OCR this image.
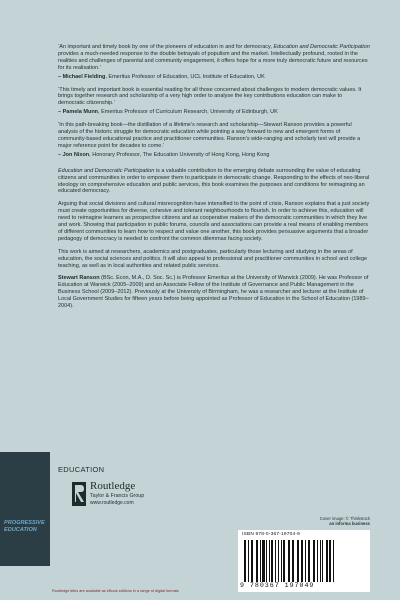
‘An important and timely book by one of the pioneers of education in and for democracy, Education and Democratic Participation provides a much-needed response to the double betrayals of populism and the market. Intellectually profound, rooted in the realities and challenges of parental and community engagement, it offers hope for a more truly democratic future and resources for its realisation.’

– Michael Fielding, Emeritus Professor of Education, UCL Institute of Education, UK

‘This timely and important book is essential reading for all those concerned about challenges to modern democratic values. It brings together research and scholarship of a very high order to analyse the key contributions education can make to democratic citizenship.’

– Pamela Munn, Emeritus Professor of Curriculum Research, University of Edinburgh, UK

‘In this path-breaking book—the distillation of a lifetime’s research and scholarship—Stewart Ranson provides a powerful analysis of the historic struggle for democratic education while pointing a way forward to new and emergent forms of community-based educational practice and practitioner communities. Ranson’s wide-ranging and scholarly text will provide a major reference point for decades to come.’

– Jon Nixon, Honorary Professor, The Education University of Hong Kong, Hong Kong

Education and Democratic Participation is a valuable contribution to the emerging debate surrounding the value of educating citizens and communities in order to empower them to participate in democratic change. Responding to the effects of neo-liberal ideology on comprehensive education and public services, this book examines the purposes and conditions for reimagining an educated democracy.

Arguing that social divisions and cultural misrecognition have intensified to the point of crisis, Ranson explains that a just society must create opportunities for diverse, cohesive and tolerant neighbourhoods to flourish. In order to achieve this, education will need to reimagine learners as prospective citizens and as cooperative makers of the democratic communities in which they live and work. Showing that participation in public forums, councils and associations can provide a real means of enabling members of different communities to learn how to respect and value one another, this book provides persuasive arguments that a broader pedagogy of democracy is needed to confront the common dilemmas facing society.

This work is aimed at researchers, academics and postgraduates, particularly those lecturing and studying in the areas of education, the social sciences and politics. It will also appeal to professional and practitioner communities in school and college teaching, as well as in local authorities and related public services.

Stewart Ranson (BSc. Econ, M.A., D. Soc. Sc.) is Professor Emeritus at the University of Warwick (2009). He was Professor of Education at Warwick (2005–2009) and an Associate Fellow of the Institute of Governance and Public Management in the Business School (2009–2012). Previously at the University of Birmingham, he was a researcher and lecturer at the Institute of Local Government Studies for fifteen years before being appointed as Professor of Education in the School of Education (1989–2004).

Cover image: © Thinkstock
an informa business
EDUCATION
PROGRESSIVE
EDUCATION
Routledge
Taylor & Francis Group
www.routledge.com
ISBN 978-0-367-19704-9
9 780367 197049
Routledge titles are available as eBook editions in a range of digital formats
